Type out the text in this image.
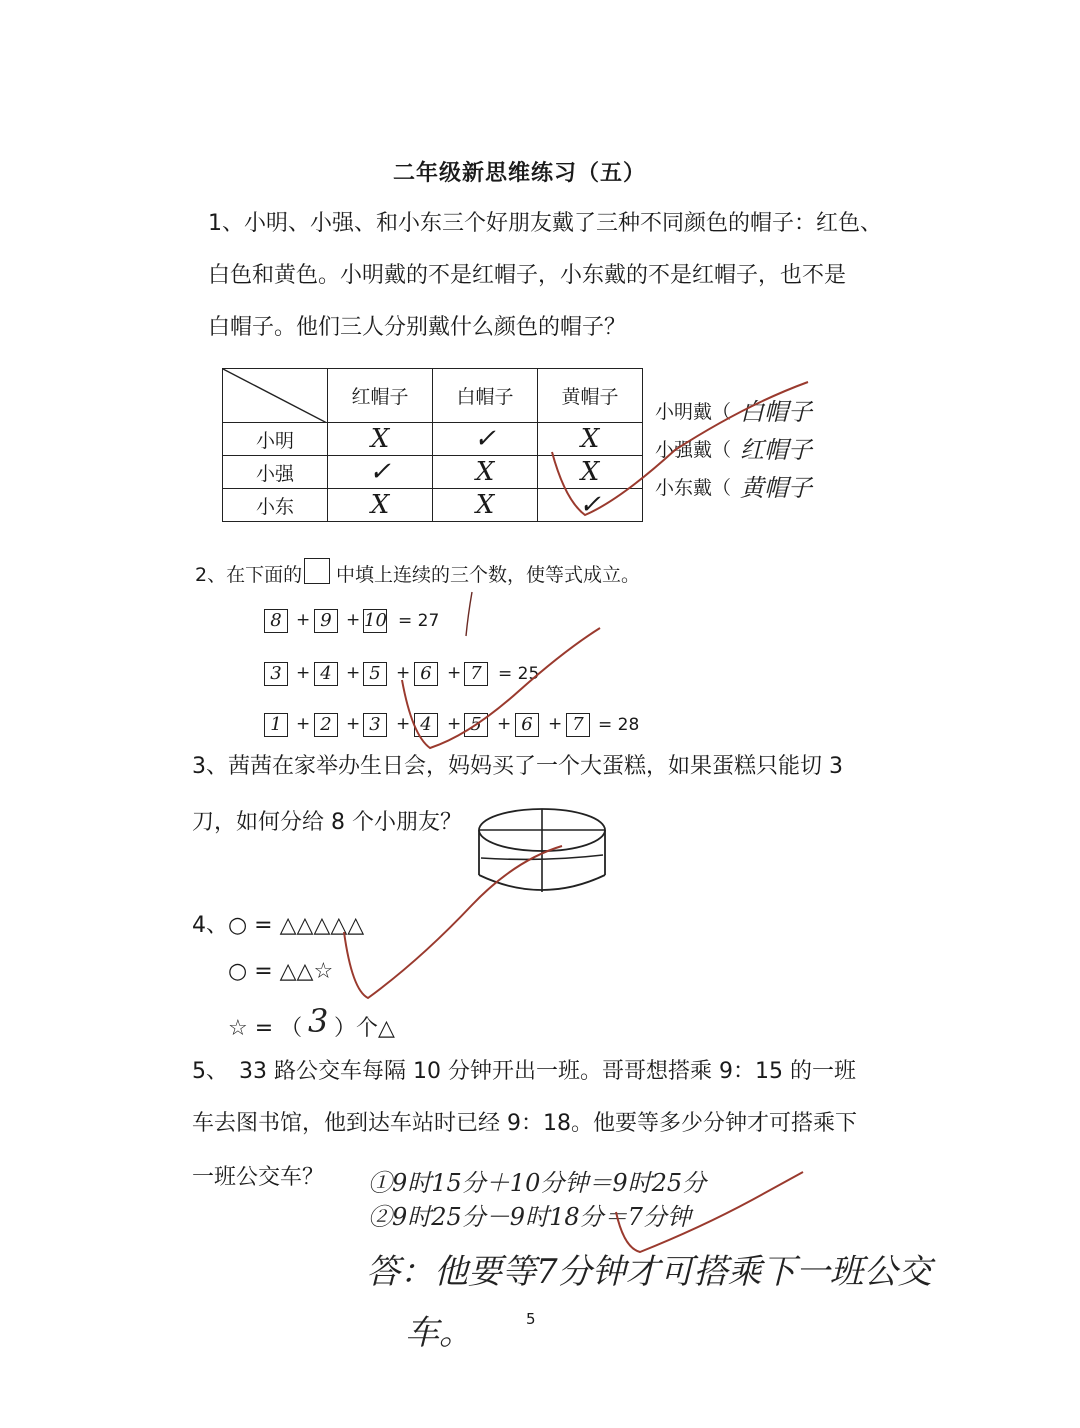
二年级新思维练习（五）
1、小明、小强、和小东三个好朋友戴了三种不同颜色的帽子：红色、
白色和黄色。小明戴的不是红帽子，小东戴的不是红帽子，也不是
白帽子。他们三人分别戴什么颜色的帽子？
	红帽子	白帽子	黄帽子
小明	X	✓	X
小强	✓	X	X
小东	X	X	✓
小明戴（ 白帽子
小强戴（ 红帽子
小东戴（ 黄帽子
2、在下面的 中填上连续的三个数，使等式成立。
8 + 9 + 10 = 27
3 + 4 + 5 + 6 + 7 = 25
1 + 2 + 3 + 4 + 5 + 6 + 7 = 28
3、茜茜在家举办生日会，妈妈买了一个大蛋糕，如果蛋糕只能切 3
刀，如何分给 8 个小朋友？
4、○ = △△△△△
○ = △△☆
☆ = （ 3 ）个△
5、　33 路公交车每隔 10 分钟开出一班。哥哥想搭乘 9：15 的一班
车去图书馆，他到达车站时已经 9：18。他要等多少分钟才可搭乘下
一班公交车？ ①9时15分＋10分钟＝9时25分
②9时25分－9时18分＝7分钟
答：他要等7分钟才可搭乘下一班公交
车。	5
